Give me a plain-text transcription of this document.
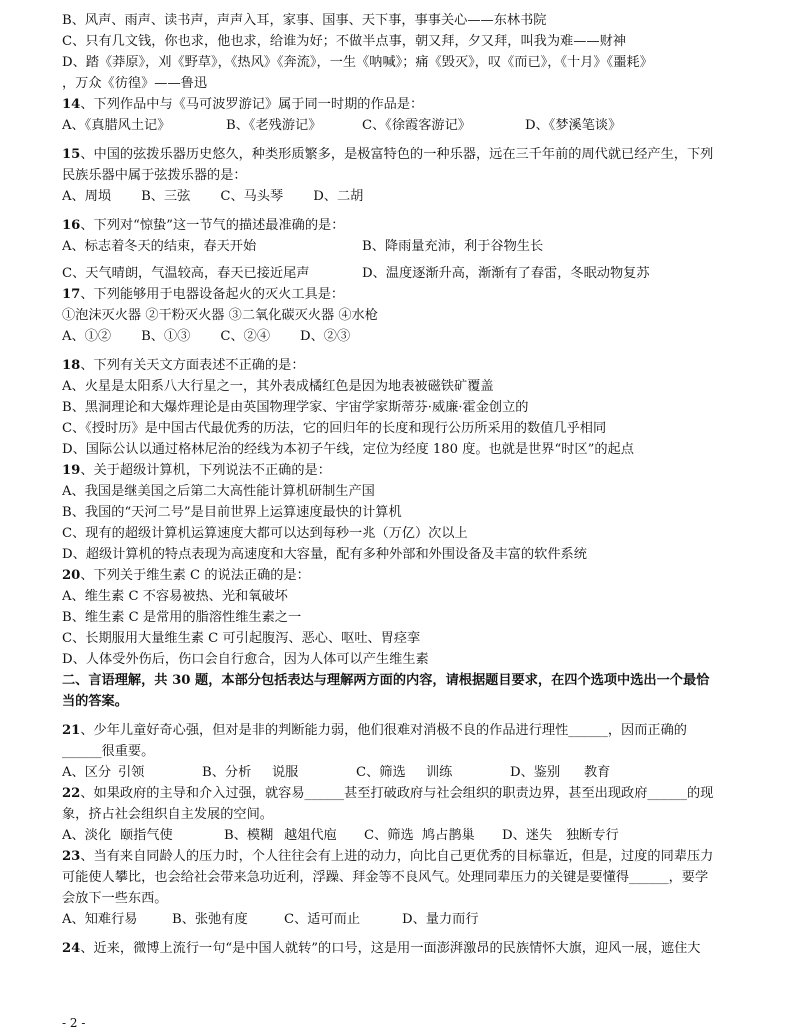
B、风声、雨声、读书声，声声入耳，家事、国事、天下事，事事关心——东林书院
C、只有几文钱，你也求，他也求，给谁为好；不做半点事，朝又拜，夕又拜，叫我为难——财神
D、踏《莽原》，刈《野草》，《热风》《奔流》，一生《呐喊》；痛《毁灭》，叹《而已》，《十月》《噩耗》
，万众《彷徨》——鲁迅
14、下列作品中与《马可波罗游记》属于同一时期的作品是：
A、《真腊风土记》	B、《老残游记》	C、《徐霞客游记》	D、《梦溪笔谈》
15、中国的弦拨乐器历史悠久，种类形质繁多，是极富特色的一种乐器，远在三千年前的周代就已经产生，下列
民族乐器中属于弦拨乐器的是：
A、周埙 B、三弦 C、马头琴 D、二胡
16、下列对“惊蛰”这一节气的描述最准确的是：
A、标志着冬天的结束，春天开始	B、降雨量充沛，利于谷物生长
C、天气晴朗，气温较高，春天已接近尾声	D、温度逐渐升高，渐渐有了春雷，冬眠动物复苏
17、下列能够用于电器设备起火的灭火工具是：
①泡沫灭火器 ②干粉灭火器 ③二氧化碳灭火器 ④水枪
A、①② B、①③ C、②④ D、②③
18、下列有关天文方面表述不正确的是：
A、火星是太阳系八大行星之一，其外表成橘红色是因为地表被磁铁矿覆盖
B、黑洞理论和大爆炸理论是由英国物理学家、宇宙学家斯蒂芬·威廉·霍金创立的
C、《授时历》是中国古代最优秀的历法，它的回归年的长度和现行公历所采用的数值几乎相同
D、国际公认以通过格林尼治的经线为本初子午线，定位为经度 180 度。也就是世界“时区”的起点
19、关于超级计算机，下列说法不正确的是：
A、我国是继美国之后第二大高性能计算机研制生产国
B、我国的“天河二号”是目前世界上运算速度最快的计算机
C、现有的超级计算机运算速度大都可以达到每秒一兆（万亿）次以上
D、超级计算机的特点表现为高速度和大容量，配有多种外部和外围设备及丰富的软件系统
20、下列关于维生素 C 的说法正确的是：
A、维生素 C 不容易被热、光和氧破坏
B、维生素 C 是常用的脂溶性维生素之一
C、长期服用大量维生素 C 可引起腹泻、恶心、呕吐、胃痉挛
D、人体受外伤后，伤口会自行愈合，因为人体可以产生维生素
二、言语理解，共 30 题，本部分包括表达与理解两方面的内容，请根据题目要求，在四个选项中选出一个最恰
当的答案。
21、少年儿童好奇心强，但对是非的判断能力弱，他们很难对消极不良的作品进行理性______，因而正确的
______很重要。
A、区分 引领	B、分析	说服	C、筛选	训练	D、鉴别	教育
22、如果政府的主导和介入过强，就容易______甚至打破政府与社会组织的职责边界，甚至出现政府______的现
象，挤占社会组织自主发展的空间。
A、淡化 颐指气使	B、模糊 越俎代庖	C、筛选 鸠占鹊巢	D、迷失	独断专行
23、当有来自同龄人的压力时，个人往往会有上进的动力，向比自己更优秀的目标靠近，但是，过度的同辈压力
可能使人攀比，也会给社会带来急功近利，浮躁、拜金等不良风气。处理同辈压力的关键是要懂得______，要学
会放下一些东西。
A、知难行易	B、张弛有度	C、适可而止	D、量力而行
24、近来，微博上流行一句“是中国人就转”的口号，这是用一面澎湃激昂的民族情怀大旗，迎风一展，遮住大
- 2 -
